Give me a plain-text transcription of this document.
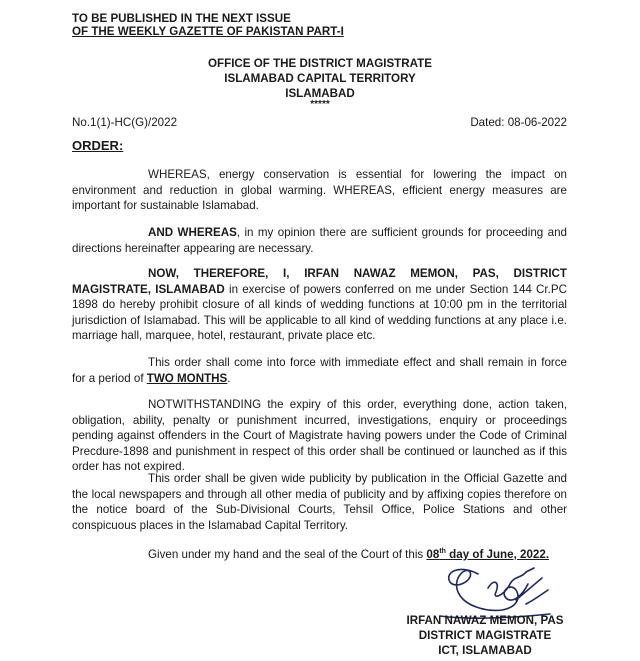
TO BE PUBLISHED IN THE NEXT ISSUE
OF THE WEEKLY GAZETTE OF PAKISTAN PART-I
OFFICE OF THE DISTRICT MAGISTRATE
ISLAMABAD CAPITAL TERRITORY
ISLAMABAD
*****
No.1(1)-HC(G)/2022	Dated: 08-06-2022
ORDER:
WHEREAS, energy conservation is essential for lowering the impact on environment and reduction in global warming. WHEREAS, efficient energy measures are important for sustainable Islamabad.
AND WHEREAS, in my opinion there are sufficient grounds for proceeding and directions hereinafter appearing are necessary.
NOW, THEREFORE, I, IRFAN NAWAZ MEMON, PAS, DISTRICT MAGISTRATE, ISLAMABAD in exercise of powers conferred on me under Section 144 Cr.PC 1898 do hereby prohibit closure of all kinds of wedding functions at 10:00 pm in the territorial jurisdiction of Islamabad. This will be applicable to all kind of wedding functions at any place i.e. marriage hall, marquee, hotel, restaurant, private place etc.
This order shall come into force with immediate effect and shall remain in force for a period of TWO MONTHS.
NOTWITHSTANDING the expiry of this order, everything done, action taken, obligation, ability, penalty or punishment incurred, investigations, enquiry or proceedings pending against offenders in the Court of Magistrate having powers under the Code of Criminal Precdure-1898 and punishment in respect of this order shall be continued or launched as if this order has not expired.
This order shall be given wide publicity by publication in the Official Gazette and the local newspapers and through all other media of publicity and by affixing copies therefore on the notice board of the Sub-Divisional Courts, Tehsil Office, Police Stations and other conspicuous places in the Islamabad Capital Territory.
Given under my hand and the seal of the Court of this 08th day of June, 2022.
IRFAN NAWAZ MEMON, PAS
DISTRICT MAGISTRATE
ICT, ISLAMABAD
